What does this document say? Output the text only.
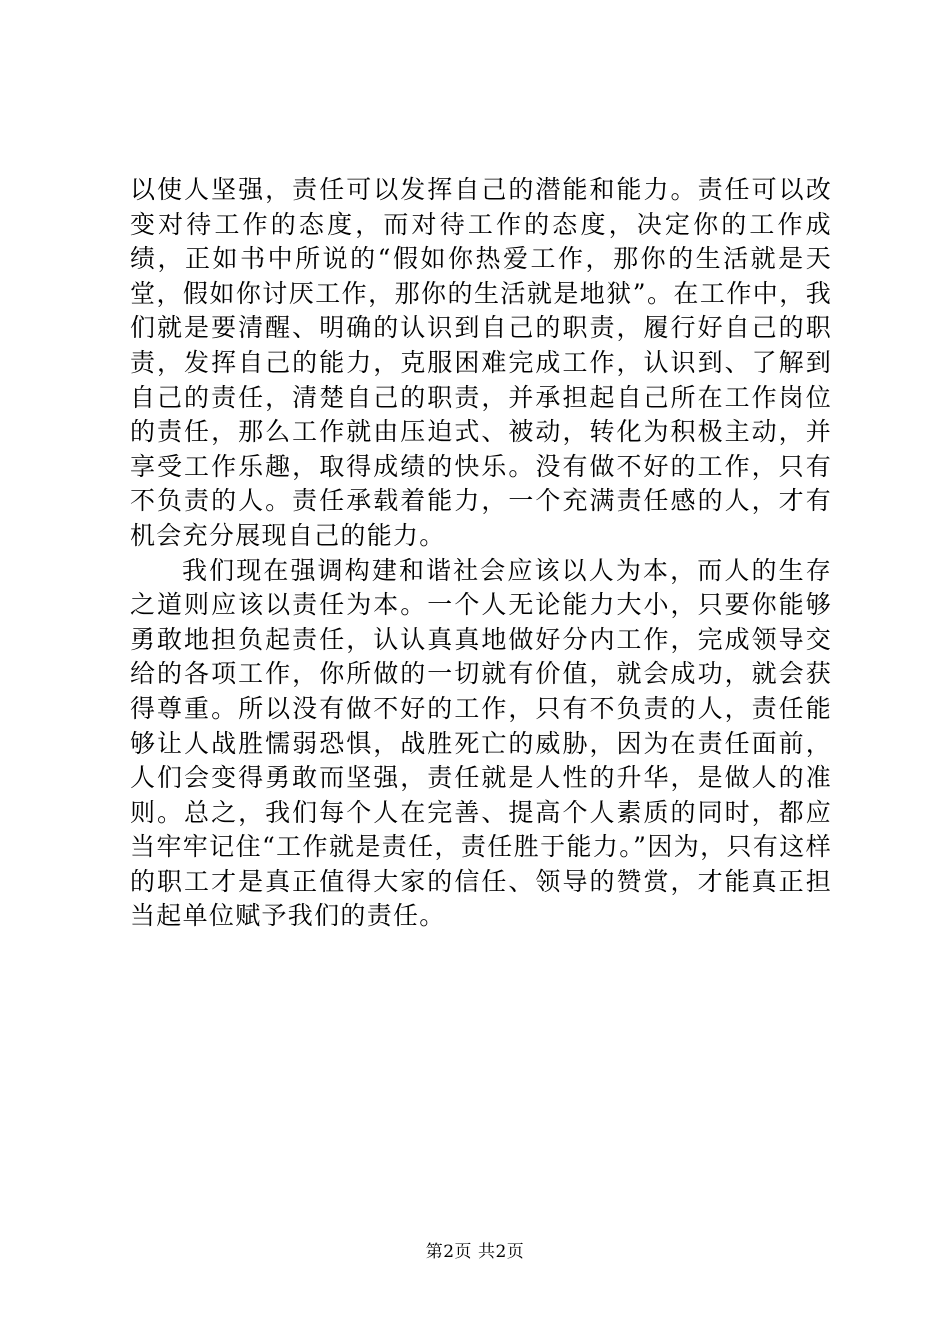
以使人坚强，责任可以发挥自己的潜能和能力。责任可以改变对待工作的态度，而对待工作的态度，决定你的工作成绩，正如书中所说的“假如你热爱工作，那你的生活就是天堂，假如你讨厌工作，那你的生活就是地狱”。在工作中，我们就是要清醒、明确的认识到自己的职责，履行好自己的职责，发挥自己的能力，克服困难完成工作，认识到、了解到自己的责任，清楚自己的职责，并承担起自己所在工作岗位的责任，那么工作就由压迫式、被动，转化为积极主动，并享受工作乐趣，取得成绩的快乐。没有做不好的工作，只有不负责的人。责任承载着能力，一个充满责任感的人，才有机会充分展现自己的能力。

我们现在强调构建和谐社会应该以人为本，而人的生存之道则应该以责任为本。一个人无论能力大小，只要你能够勇敢地担负起责任，认认真真地做好分内工作，完成领导交给的各项工作，你所做的一切就有价值，就会成功，就会获得尊重。所以没有做不好的工作，只有不负责的人，责任能够让人战胜懦弱恐惧，战胜死亡的威胁，因为在责任面前，人们会变得勇敢而坚强，责任就是人性的升华，是做人的准则。总之，我们每个人在完善、提高个人素质的同时，都应当牢牢记住“工作就是责任，责任胜于能力。”因为，只有这样的职工才是真正值得大家的信任、领导的赞赏，才能真正担当起单位赋予我们的责任。

第2页 共2页
